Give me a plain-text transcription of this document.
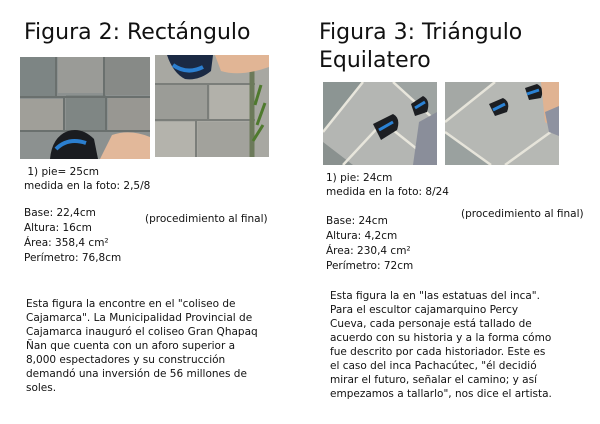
Figura 2: Rectángulo
1) pie= 25cm
medida en la foto: 2,5/8
Base: 22,4cm
Altura: 16cm
Área: 358,4 cm²
Perímetro: 76,8cm
(procedimiento al final)
Esta figura la encontre en el "coliseo de
Cajamarca". La Municipalidad Provincial de
Cajamarca inauguró el coliseo Gran Qhapaq
Ñan que cuenta con un aforo superior a
8,000 espectadores y su construcción
demandó una inversión de 56 millones de
soles.
Figura 3: Triángulo
Equilatero
1) pie: 24cm
medida en la foto: 8/24
(procedimiento al final)
Base: 24cm
Altura: 4,2cm
Área: 230,4 cm²
Perímetro: 72cm
Esta figura la en "las estatuas del inca".
Para el escultor cajamarquino Percy
Cueva, cada personaje está tallado de
acuerdo con su historia y a la forma cómo
fue descrito por cada historiador. Este es
el caso del inca Pachacútec, "él decidió
mirar el futuro, señalar el camino; y así
empezamos a tallarlo", nos dice el artista.
